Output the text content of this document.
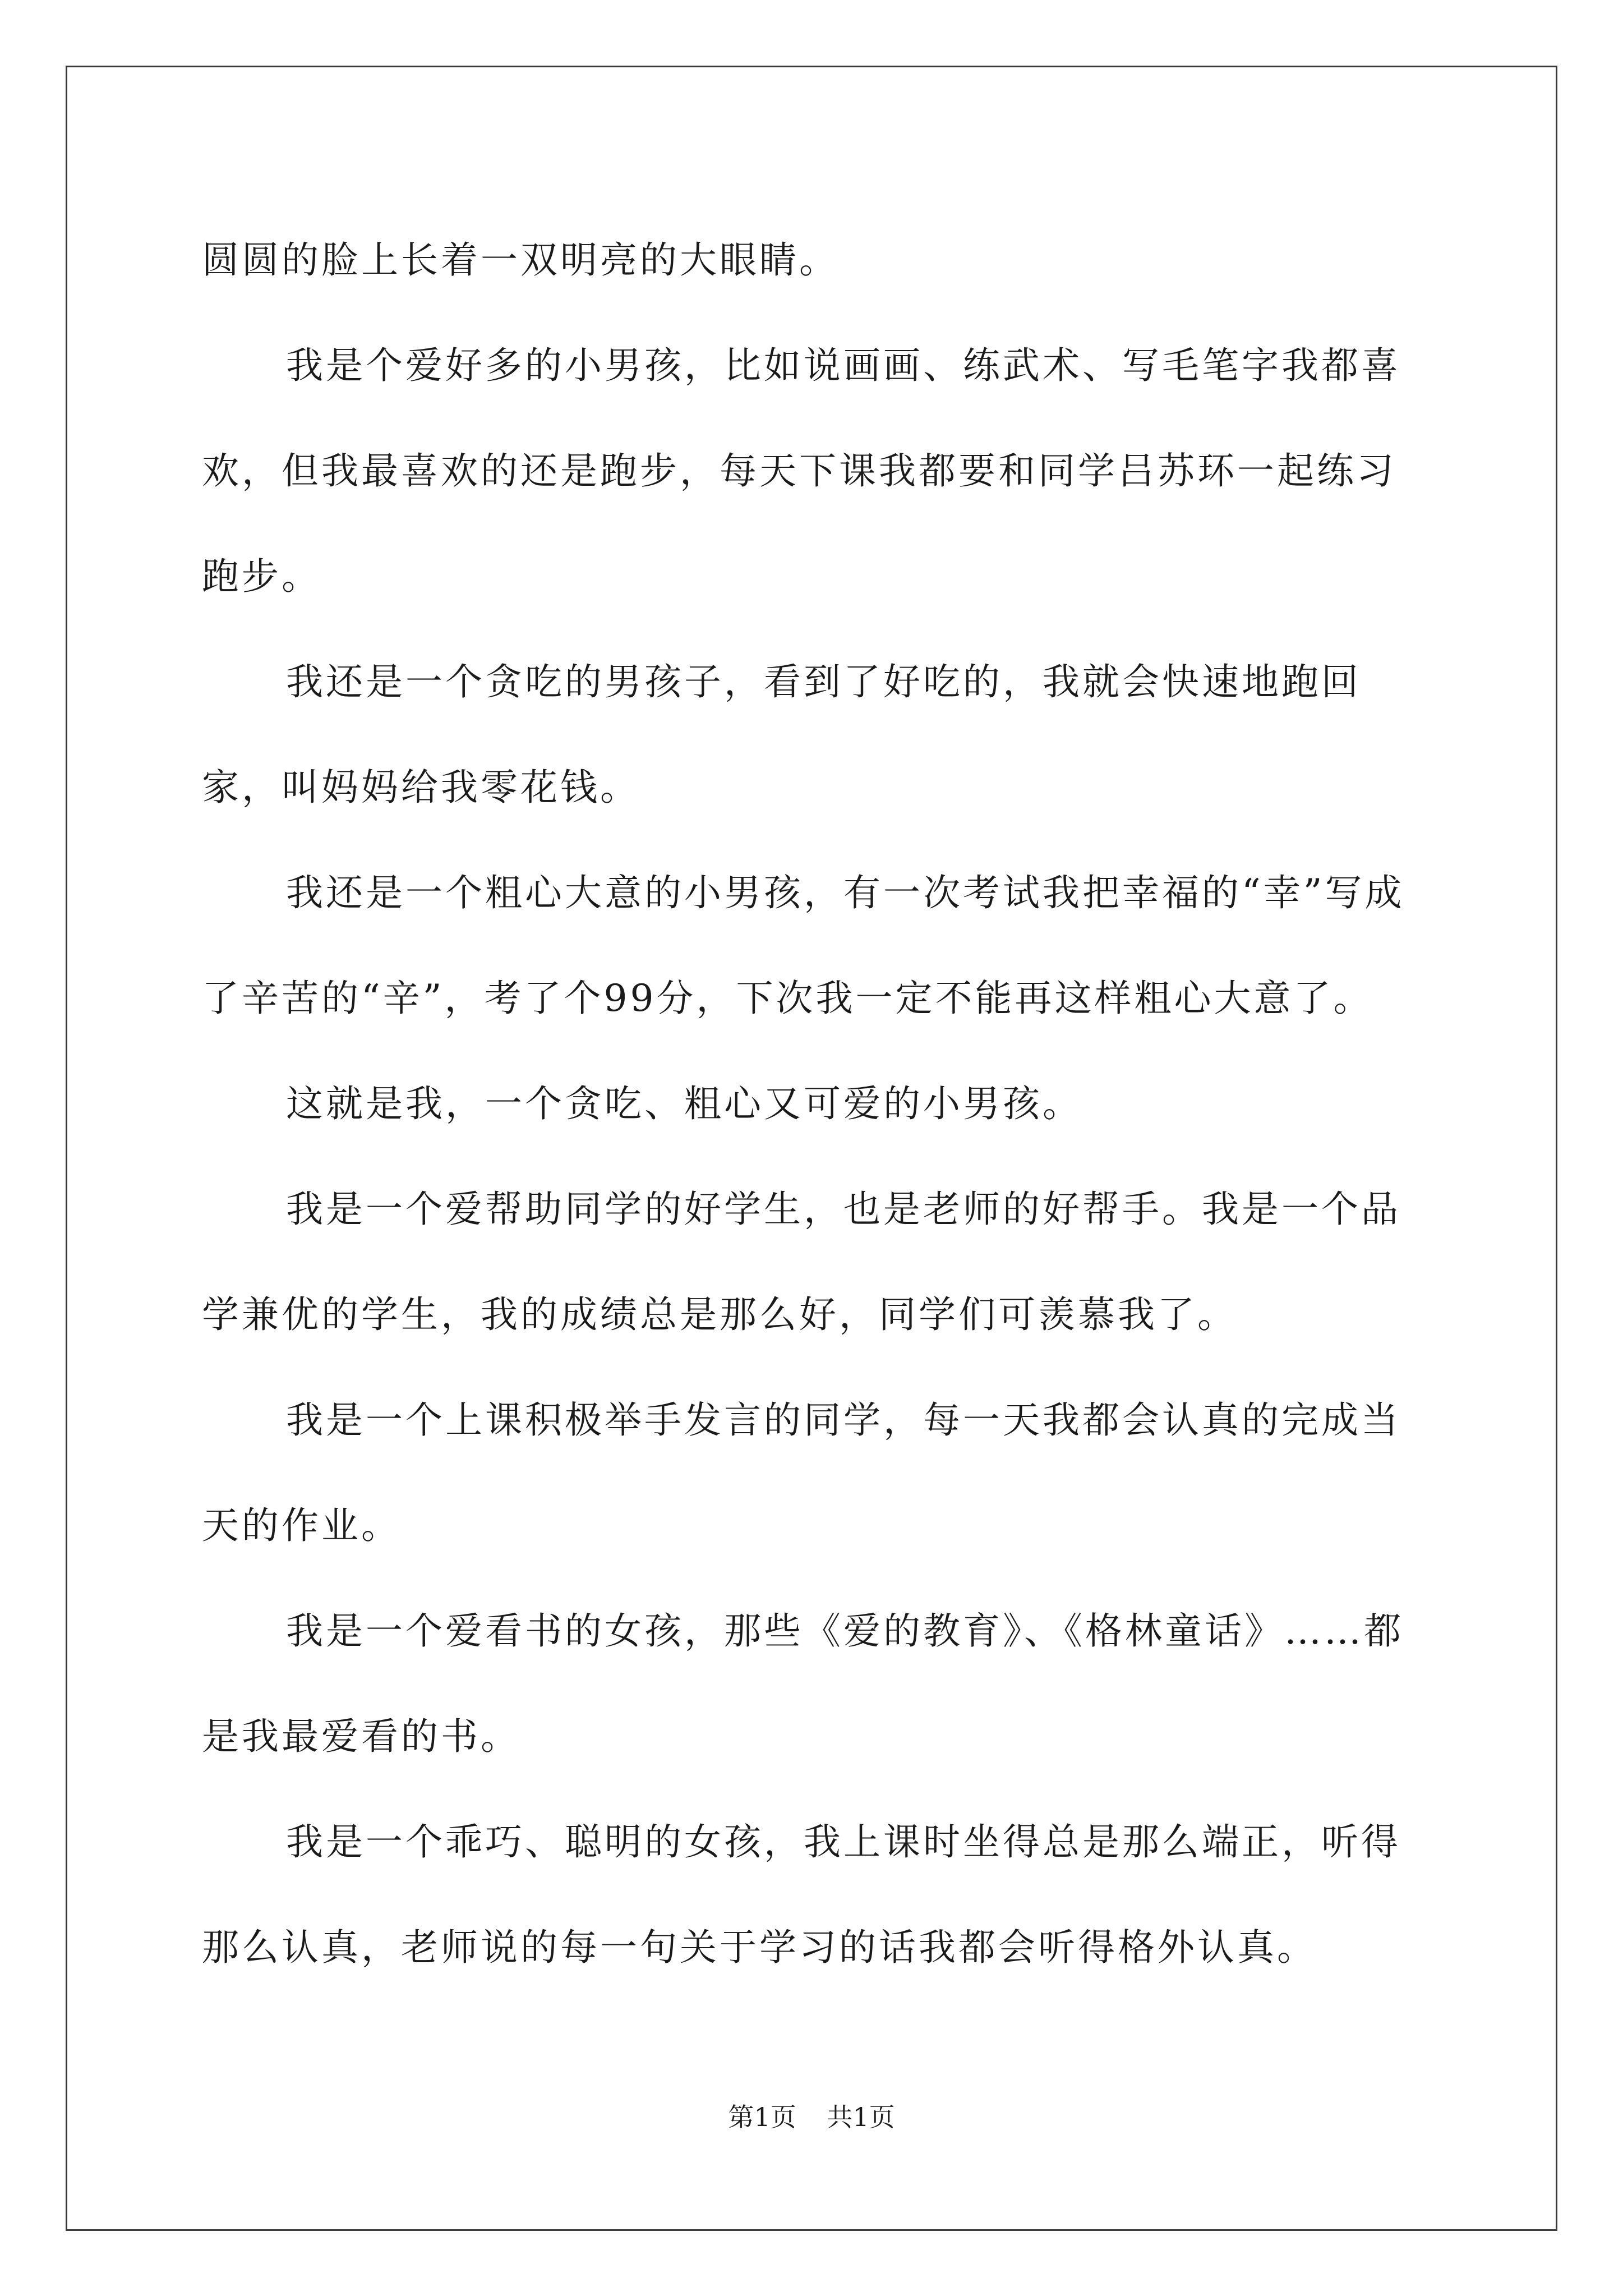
圆圆的脸上长着一双明亮的大眼睛。

我是个爱好多的小男孩，比如说画画、练武术、写毛笔字我都喜欢，但我最喜欢的还是跑步，每天下课我都要和同学吕苏环一起练习跑步。

我还是一个贪吃的男孩子，看到了好吃的，我就会快速地跑回家，叫妈妈给我零花钱。

我还是一个粗心大意的小男孩，有一次考试我把幸福的“幸”写成了辛苦的“辛”，考了个99分，下次我一定不能再这样粗心大意了。

这就是我，一个贪吃、粗心又可爱的小男孩。

我是一个爱帮助同学的好学生，也是老师的好帮手。我是一个品学兼优的学生，我的成绩总是那么好，同学们可羡慕我了。

我是一个上课积极举手发言的同学，每一天我都会认真的完成当天的作业。

我是一个爱看书的女孩，那些《爱的教育》、《格林童话》……都是我最爱看的书。

我是一个乖巧、聪明的女孩，我上课时坐得总是那么端正，听得那么认真，老师说的每一句关于学习的话我都会听得格外认真。

第1页 共1页
